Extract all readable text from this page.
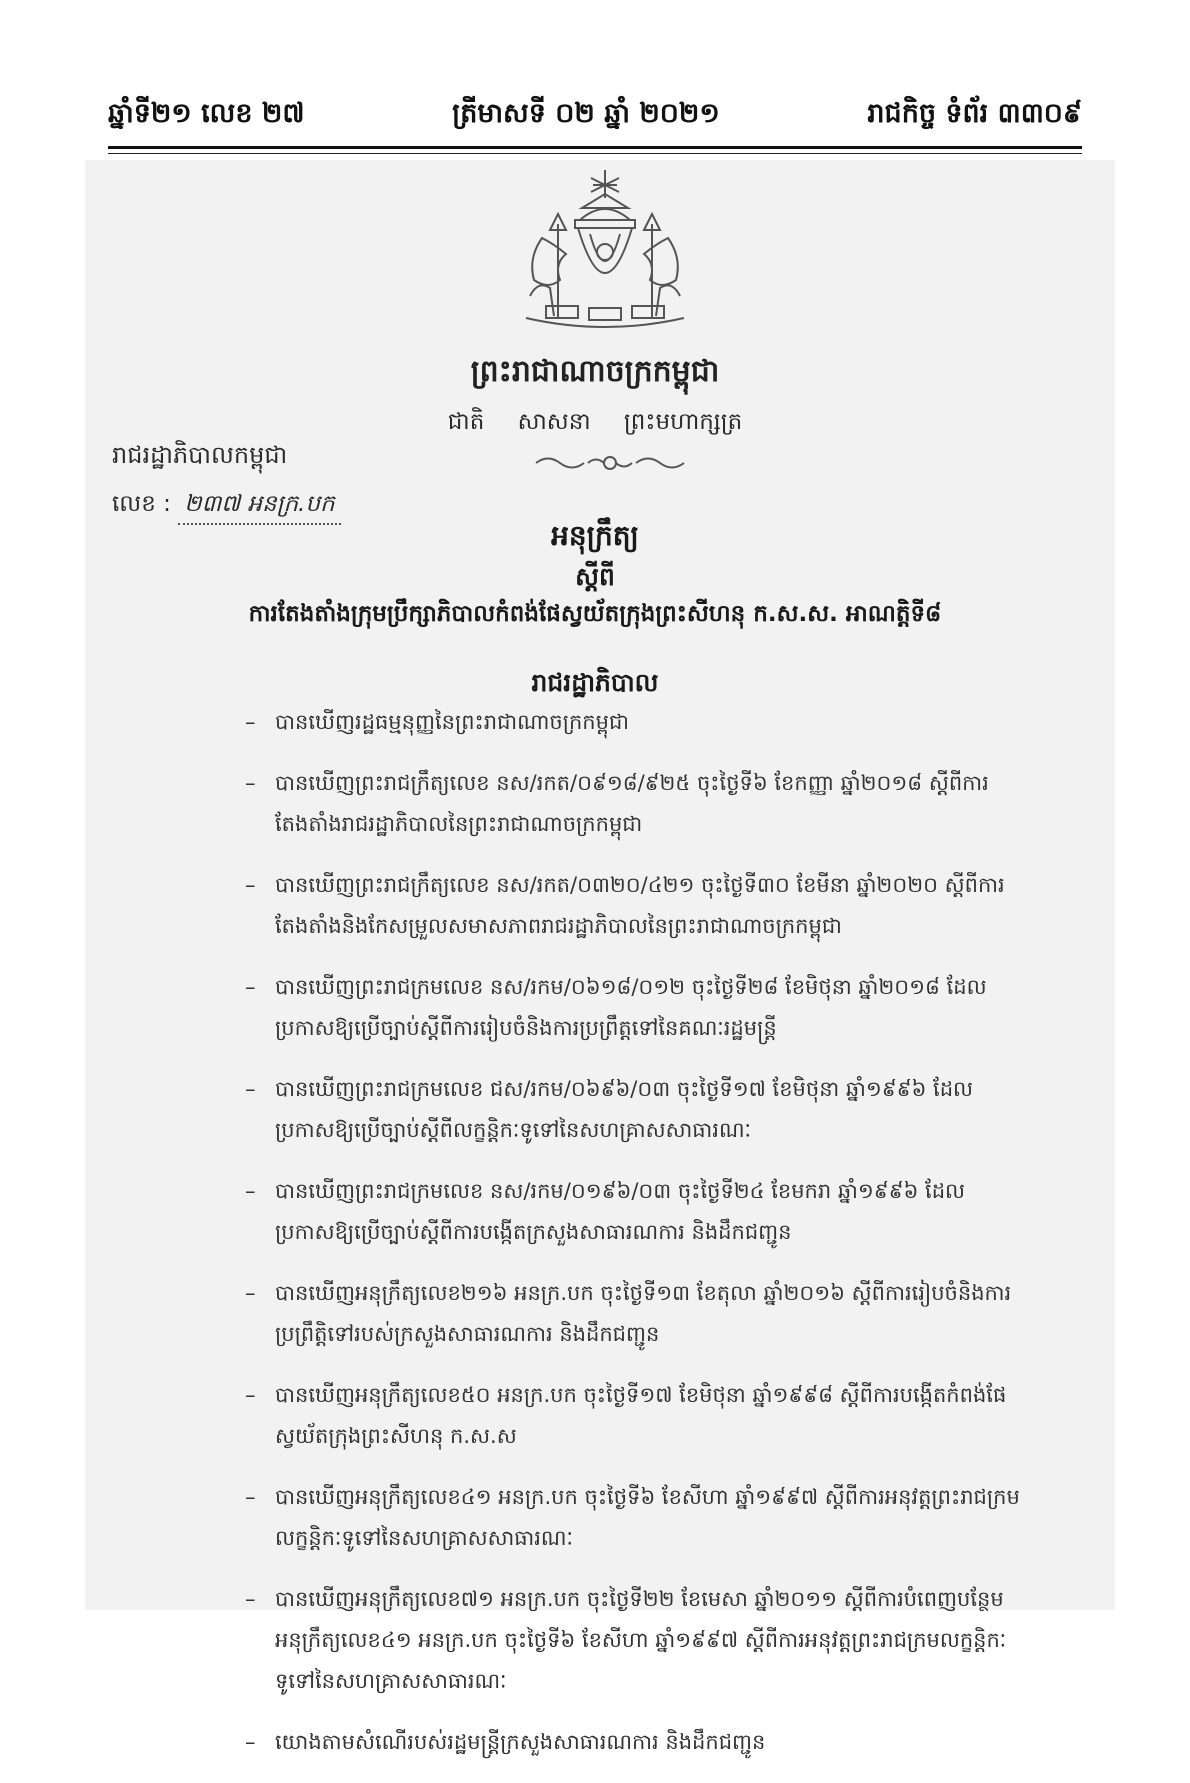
ឆ្នាំទី២១ លេខ ២៧	ត្រីមាសទី ០២ ឆ្នាំ ២០២១	រាជកិច្ច ទំព័រ ៣៣០៩
ព្រះរាជាណាចក្រកម្ពុជា
ជាតិ សាសនា ព្រះមហាក្សត្រ
រាជរដ្ឋាភិបាលកម្ពុជា
លេខ : ២៣៧ អនក្រ.បក
អនុក្រឹត្យ
ស្តីពី
ការតែងតាំងក្រុមប្រឹក្សាភិបាលកំពង់ផែស្វយ័តក្រុងព្រះសីហនុ ក.ស.ស. អាណត្តិទី៨
រាជរដ្ឋាភិបាល
– បានឃើញរដ្ឋធម្មនុញ្ញនៃព្រះរាជាណាចក្រកម្ពុជា
– បានឃើញព្រះរាជក្រឹត្យលេខ នស/រកត/០៩១៨/៩២៥ ចុះថ្ងៃទី៦ ខែកញ្ញា ឆ្នាំ២០១៨ ស្តីពីការតែងតាំងរាជរដ្ឋាភិបាលនៃព្រះរាជាណាចក្រកម្ពុជា
– បានឃើញព្រះរាជក្រឹត្យលេខ នស/រកត/០៣២០/៤២១ ចុះថ្ងៃទី៣០ ខែមីនា ឆ្នាំ២០២០ ស្តីពីការតែងតាំងនិងកែសម្រួលសមាសភាពរាជរដ្ឋាភិបាលនៃព្រះរាជាណាចក្រកម្ពុជា
– បានឃើញព្រះរាជក្រមលេខ នស/រកម/០៦១៨/០១២ ចុះថ្ងៃទី២៨ ខែមិថុនា ឆ្នាំ២០១៨ ដែលប្រកាសឱ្យប្រើច្បាប់ស្តីពីការរៀបចំនិងការប្រព្រឹត្តទៅនៃគណៈរដ្ឋមន្ត្រី
– បានឃើញព្រះរាជក្រមលេខ ជស/រកម/០៦៩៦/០៣ ចុះថ្ងៃទី១៧ ខែមិថុនា ឆ្នាំ១៩៩៦ ដែលប្រកាសឱ្យប្រើច្បាប់ស្តីពីលក្ខន្តិកៈទូទៅនៃសហគ្រាសសាធារណៈ
– បានឃើញព្រះរាជក្រមលេខ នស/រកម/០១៩៦/០៣ ចុះថ្ងៃទី២៤ ខែមករា ឆ្នាំ១៩៩៦ ដែលប្រកាសឱ្យប្រើច្បាប់ស្តីពីការបង្កើតក្រសួងសាធារណការ និងដឹកជញ្ជូន
– បានឃើញអនុក្រឹត្យលេខ២១៦ អនក្រ.បក ចុះថ្ងៃទី១៣ ខែតុលា ឆ្នាំ២០១៦ ស្តីពីការរៀបចំនិងការប្រព្រឹត្តិទៅរបស់ក្រសួងសាធារណការ និងដឹកជញ្ជូន
– បានឃើញអនុក្រឹត្យលេខ៥០ អនក្រ.បក ចុះថ្ងៃទី១៧ ខែមិថុនា ឆ្នាំ១៩៩៨ ស្តីពីការបង្កើតកំពង់ផែស្វយ័តក្រុងព្រះសីហនុ ក.ស.ស
– បានឃើញអនុក្រឹត្យលេខ៤១ អនក្រ.បក ចុះថ្ងៃទី៦ ខែសីហា ឆ្នាំ១៩៩៧ ស្តីពីការអនុវត្តព្រះរាជក្រមលក្ខន្តិកៈទូទៅនៃសហគ្រាសសាធារណៈ
– បានឃើញអនុក្រឹត្យលេខ៧១ អនក្រ.បក ចុះថ្ងៃទី២២ ខែមេសា ឆ្នាំ២០១១ ស្តីពីការបំពេញបន្ថែមអនុក្រឹត្យលេខ៤១ អនក្រ.បក ចុះថ្ងៃទី៦ ខែសីហា ឆ្នាំ១៩៩៧ ស្តីពីការអនុវត្តព្រះរាជក្រមលក្ខន្តិកៈទូទៅនៃសហគ្រាសសាធារណៈ
– យោងតាមសំណើរបស់រដ្ឋមន្ត្រីក្រសួងសាធារណការ និងដឹកជញ្ជូន
